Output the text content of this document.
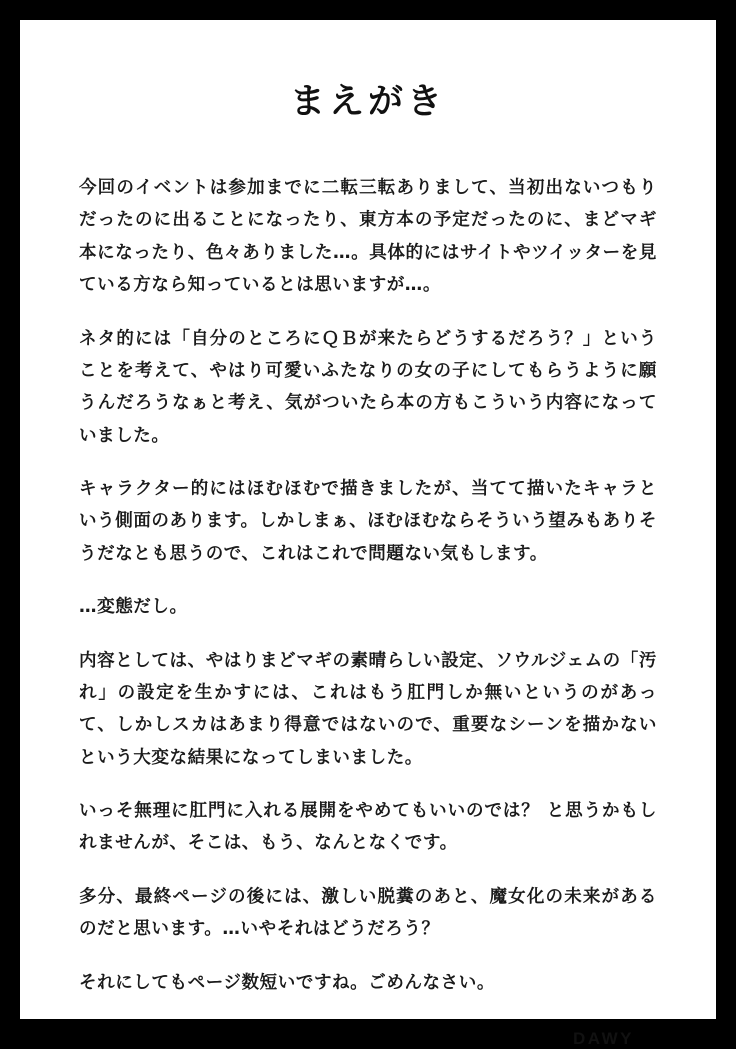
まえがき

今回のイベントは参加までに二転三転ありまして、当初出ないつもりだったのに出ることになったり、東方本の予定だったのに、まどマギ本になったり、色々ありました…。具体的にはサイトやツイッターを見ている方なら知っているとは思いますが…。

ネタ的には「自分のところにＱＢが来たらどうするだろう？」ということを考えて、やはり可愛いふたなりの女の子にしてもらうように願うんだろうなぁと考え、気がついたら本の方もこういう内容になっていました。

キャラクター的にはほむほむで描きましたが、当てて描いたキャラという側面のあります。しかしまぁ、ほむほむならそういう望みもありそうだなとも思うので、これはこれで問題ない気もします。

…変態だし。

内容としては、やはりまどマギの素晴らしい設定、ソウルジェムの「汚れ」の設定を生かすには、これはもう肛門しか無いというのがあって、しかしスカはあまり得意ではないので、重要なシーンを描かないという大変な結果になってしまいました。

いっそ無理に肛門に入れる展開をやめてもいいのでは？ と思うかもしれませんが、そこは、もう、なんとなくです。

多分、最終ページの後には、激しい脱糞のあと、魔女化の未来があるのだと思います。…いやそれはどうだろう？

それにしてもページ数短いですね。ごめんなさい。

DAWY
